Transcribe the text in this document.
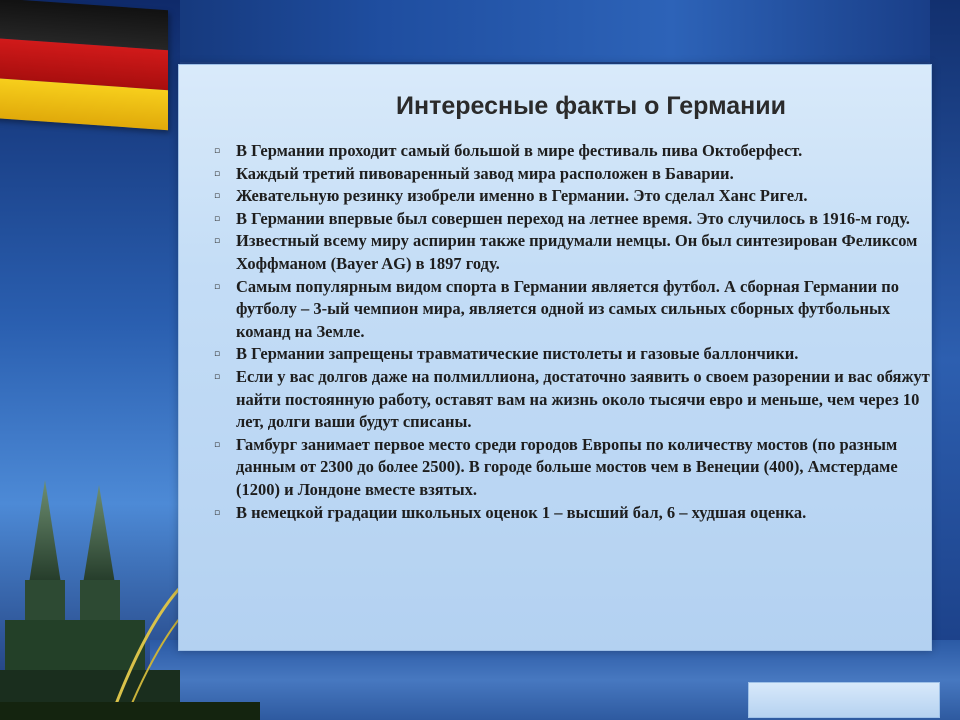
Интересные факты о Германии
▫ В Германии проходит самый большой в мире фестиваль пива Октоберфест.
▫ Каждый третий пивоваренный завод мира расположен в Баварии.
▫ Жевательную резинку изобрели именно в Германии. Это сделал Ханс Ригел.
▫ В Германии впервые был совершен переход на летнее время. Это случилось в 1916-м году.
▫ Известный всему миру аспирин также придумали немцы. Он был синтезирован Феликсом Хоффманом (Bayer AG) в 1897 году.
▫ Самым популярным видом спорта в Германии является футбол. А сборная Германии по футболу – 3-ый чемпион мира, является одной из самых сильных сборных футбольных команд на Земле.
▫ В Германии запрещены травматические пистолеты и газовые баллончики.
▫ Если у вас долгов даже на полмиллиона, достаточно заявить о своем разорении и вас обяжут найти постоянную работу, оставят вам на жизнь около тысячи евро и меньше, чем через 10 лет, долги ваши будут списаны.
▫ Гамбург занимает первое место среди городов Европы по количеству мостов (по разным данным от 2300 до более 2500). В городе больше мостов чем в Венеции (400), Амстердаме (1200) и Лондоне вместе взятых.
▫ В немецкой градации школьных оценок 1 – высший бал, 6 – худшая оценка.
